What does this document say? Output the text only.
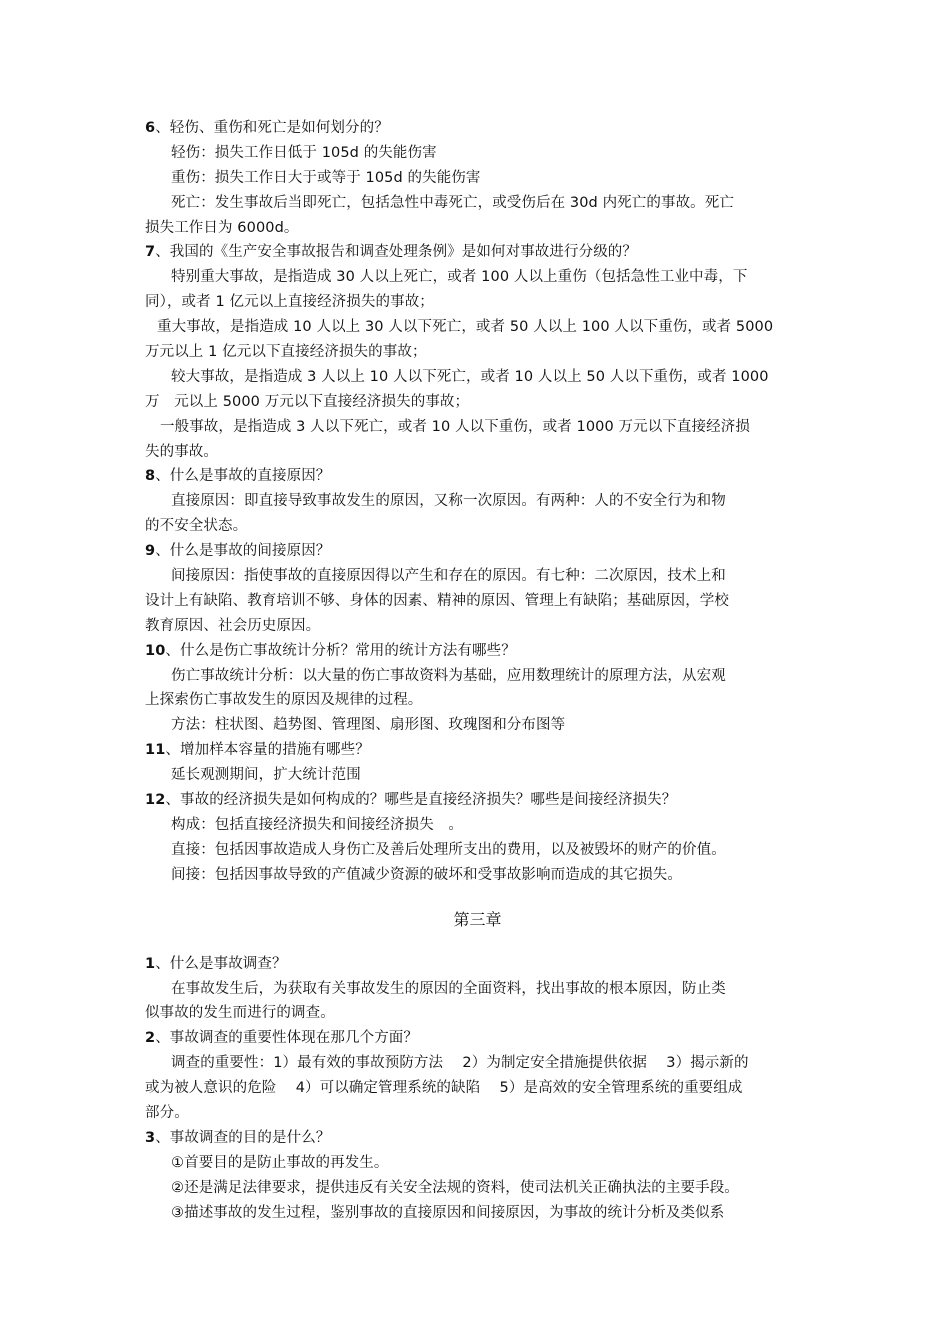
6、轻伤、重伤和死亡是如何划分的？
轻伤：损失工作日低于 105d 的失能伤害
重伤：损失工作日大于或等于 105d 的失能伤害
死亡：发生事故后当即死亡，包括急性中毒死亡，或受伤后在 30d 内死亡的事故。死亡
损失工作日为 6000d。
7、我国的《生产安全事故报告和调查处理条例》是如何对事故进行分级的？
特别重大事故，是指造成 30 人以上死亡，或者 100 人以上重伤（包括急性工业中毒，下
同），或者 1 亿元以上直接经济损失的事故；
重大事故，是指造成 10 人以上 30 人以下死亡，或者 50 人以上 100 人以下重伤，或者 5000
万元以上 1 亿元以下直接经济损失的事故；
较大事故，是指造成 3 人以上 10 人以下死亡，或者 10 人以上 50 人以下重伤，或者 1000
万　元以上 5000 万元以下直接经济损失的事故；
一般事故，是指造成 3 人以下死亡，或者 10 人以下重伤，或者 1000 万元以下直接经济损
失的事故。
8、什么是事故的直接原因？
直接原因：即直接导致事故发生的原因，又称一次原因。有两种：人的不安全行为和物
的不安全状态。
9、什么是事故的间接原因？
间接原因：指使事故的直接原因得以产生和存在的原因。有七种：二次原因，技术上和
设计上有缺陷、教育培训不够、身体的因素、精神的原因、管理上有缺陷；基础原因，学校
教育原因、社会历史原因。
10、什么是伤亡事故统计分析？常用的统计方法有哪些？
伤亡事故统计分析：以大量的伤亡事故资料为基础，应用数理统计的原理方法，从宏观
上探索伤亡事故发生的原因及规律的过程。
方法：柱状图、趋势图、管理图、扇形图、玫瑰图和分布图等
11、增加样本容量的措施有哪些？
延长观测期间，扩大统计范围
12、事故的经济损失是如何构成的？哪些是直接经济损失？哪些是间接经济损失？
构成：包括直接经济损失和间接经济损失　。
直接：包括因事故造成人身伤亡及善后处理所支出的费用，以及被毁坏的财产的价值。
间接：包括因事故导致的产值减少资源的破坏和受事故影响而造成的其它损失。
第三章
1、什么是事故调查？
在事故发生后，为获取有关事故发生的原因的全面资料，找出事故的根本原因，防止类
似事故的发生而进行的调查。
2、事故调查的重要性体现在那几个方面？
调查的重要性：1）最有效的事故预防方法　 2）为制定安全措施提供依据　 3）揭示新的
或为被人意识的危险　 4）可以确定管理系统的缺陷　 5）是高效的安全管理系统的重要组成
部分。
3、事故调查的目的是什么？
①首要目的是防止事故的再发生。
②还是满足法律要求，提供违反有关安全法规的资料，使司法机关正确执法的主要手段。
③描述事故的发生过程，鉴别事故的直接原因和间接原因，为事故的统计分析及类似系
